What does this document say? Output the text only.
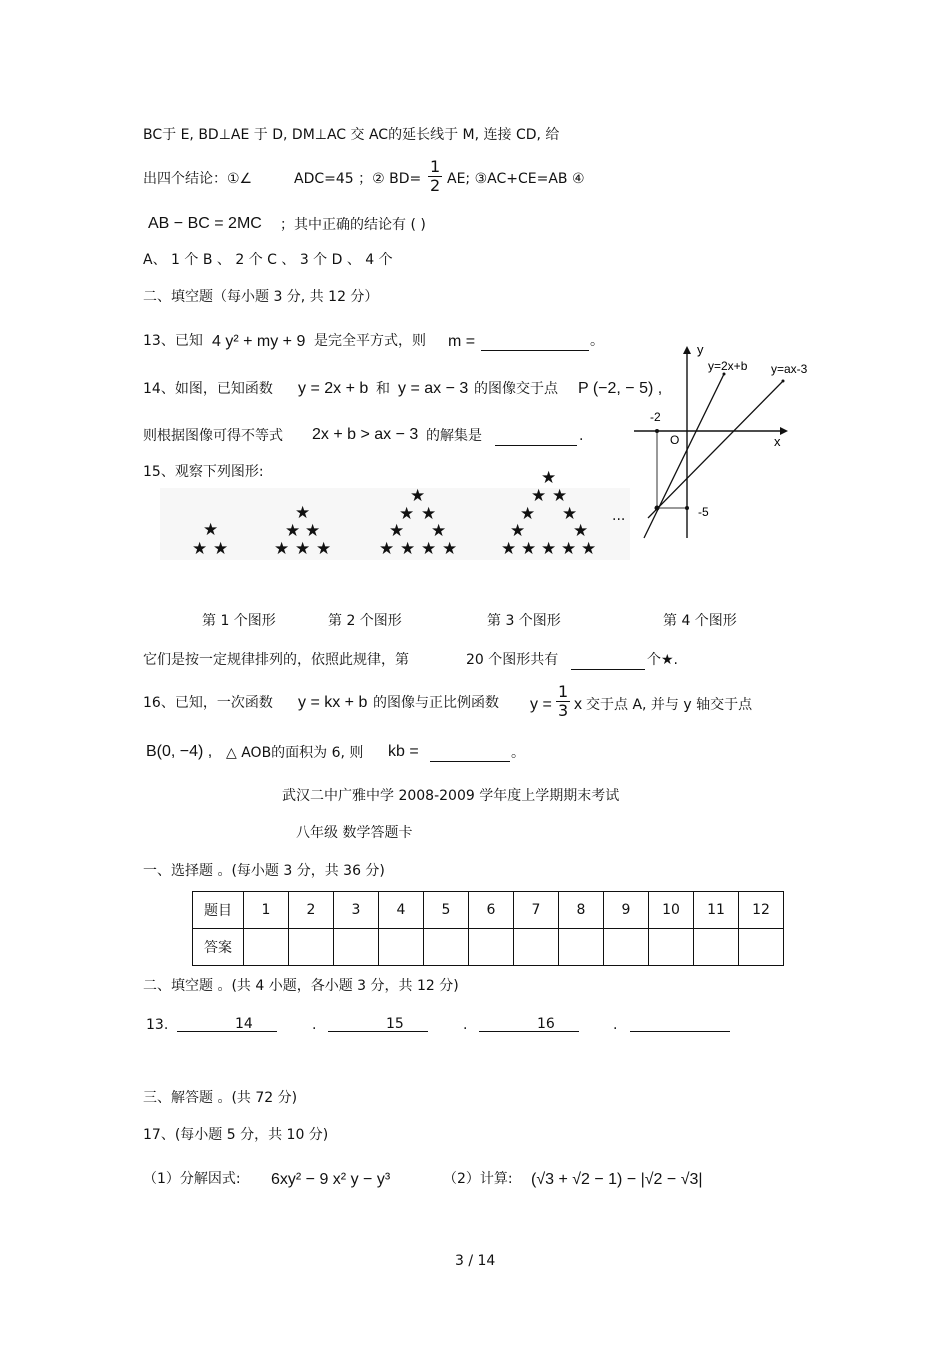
BC于 E, BD⊥AE 于 D, DM⊥AC 交 AC的延长线于 M, 连接 CD, 给
出四个结论：①∠	ADC=45 ；② $BD= \frac{1}{2}$ AE; ③AC+CE=AB ④
AB − BC = 2MC ；其中正确的结论有 ( )
A、 1 个 B 、 2 个 C 、 3 个 D 、 4 个
二、填空题（每小题 3 分, 共 12 分）
13、已知 4 y² + my + 9 是完全平方式，则 m =	。
14、如图，已知函数 y = 2x + b 和 y = ax − 3 的图像交于点 P (−2, − 5) ,
则根据图像可得不等式 2x + b > ax − 3 的解集是	.
y
x
O
y=2x+b y=ax-3
-2
-5
15、观察下列图形:
★
★ ★
★
★ ★
★ ★ ★
★
★ ★
★ ★
★ ★ ★ ★
★
★ ★
★ ★
★	★
★ ★ ★ ★ ★
···
第 1 个图形	第 2 个图形	第 3 个图形	第 4 个图形
它们是按一定规律排列的，依照此规律，第	20 个图形共有	个★.
16、已知，一次函数 y = kx + b 的图像与正比例函数 $y = \frac{1}{3}$ x 交于点 A, 并与 y 轴交于点
B(0, −4) , △ AOB的面积为 6, 则 kb =	。
武汉二中广雅中学 2008-2009 学年度上学期期末考试
八年级 数学答题卡
一、选择题 。(每小题 3 分，共 36 分)
题目	1	2	3	4	5	6	7	8	9	10	11	12
答案												
二、填空题 。(共 4 小题，各小题 3 分，共 12 分)
13.	14	.	15	.	16	.
三、解答题 。(共 72 分)
17、(每小题 5 分，共 10 分)
（1）分解因式: 6xy² − 9 x² y − y³	（2）计算: (√3 + √2 − 1) − |√2 − √3|
3 / 14
